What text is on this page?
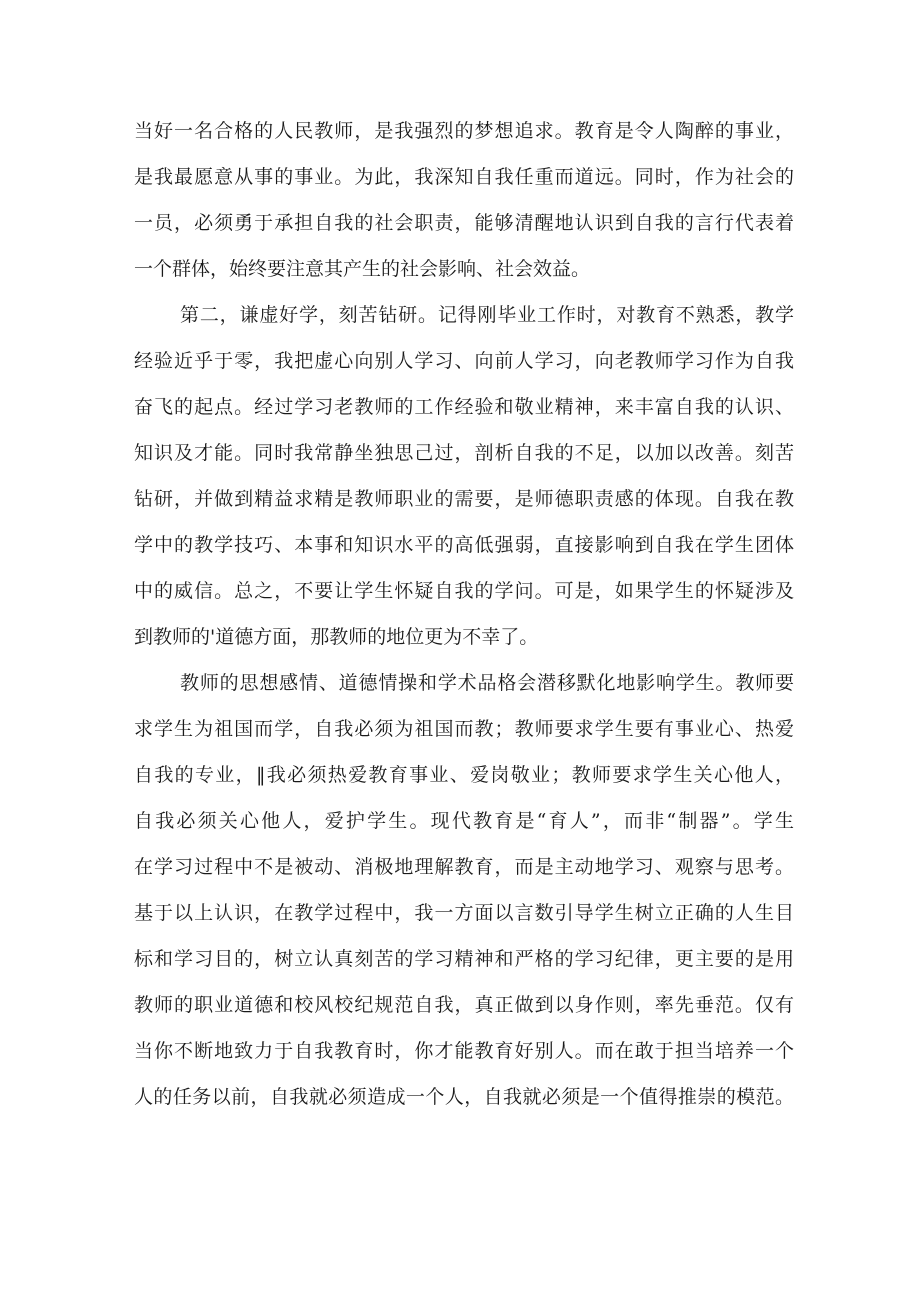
当好一名合格的人民教师，是我强烈的梦想追求。教育是令人陶醉的事业，
是我最愿意从事的事业。为此，我深知自我任重而道远。同时，作为社会的
一员，必须勇于承担自我的社会职责，能够清醒地认识到自我的言行代表着
一个群体，始终要注意其产生的社会影响、社会效益。
第二，谦虚好学，刻苦钻研。记得刚毕业工作时，对教育不熟悉，教学
经验近乎于零，我把虚心向别人学习、向前人学习，向老教师学习作为自我
奋飞的起点。经过学习老教师的工作经验和敬业精神，来丰富自我的认识、
知识及才能。同时我常静坐独思己过，剖析自我的不足，以加以改善。刻苦
钻研，并做到精益求精是教师职业的需要，是师德职责感的体现。自我在教
学中的教学技巧、本事和知识水平的高低强弱，直接影响到自我在学生团体
中的威信。总之，不要让学生怀疑自我的学问。可是，如果学生的怀疑涉及
到教师的'道德方面，那教师的地位更为不幸了。
教师的思想感情、道德情操和学术品格会潜移默化地影响学生。教师要
求学生为祖国而学，自我必须为祖国而教；教师要求学生要有事业心、热爱
自我的专业，‖我必须热爱教育事业、爱岗敬业；教师要求学生关心他人，
自我必须关心他人，爱护学生。现代教育是“育人”，而非“制器”。学生
在学习过程中不是被动、消极地理解教育，而是主动地学习、观察与思考。
基于以上认识，在教学过程中，我一方面以言数引导学生树立正确的人生目
标和学习目的，树立认真刻苦的学习精神和严格的学习纪律，更主要的是用
教师的职业道德和校风校纪规范自我，真正做到以身作则，率先垂范。仅有
当你不断地致力于自我教育时，你才能教育好别人。而在敢于担当培养一个
人的任务以前，自我就必须造成一个人，自我就必须是一个值得推崇的模范。
